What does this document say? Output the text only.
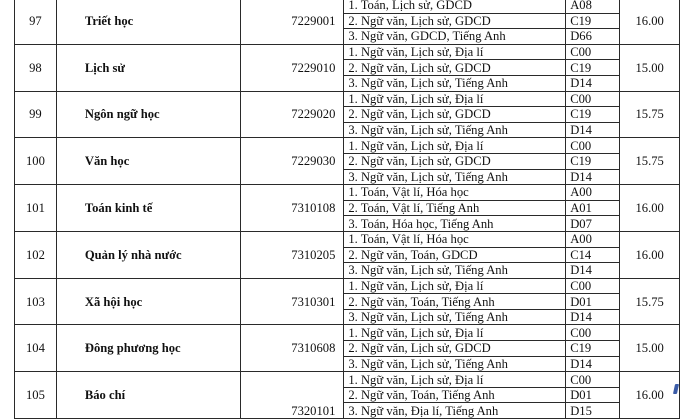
97	Triết học	7229001	1. Toán, Lịch sử, GDCD	A08	16.00
			2. Ngữ văn, Lịch sử, GDCD	C19	
			3. Ngữ văn, GDCD, Tiếng Anh	D66	
98	Lịch sử	7229010	1. Ngữ văn, Lịch sử, Địa lí	C00	15.00
			2. Ngữ văn, Lịch sử, GDCD	C19	
			3. Ngữ văn, Lịch sử, Tiếng Anh	D14	
99	Ngôn ngữ học	7229020	1. Ngữ văn, Lịch sử, Địa lí	C00	15.75
			2. Ngữ văn, Lịch sử, GDCD	C19	
			3. Ngữ văn, Lịch sử, Tiếng Anh	D14	
100	Văn học	7229030	1. Ngữ văn, Lịch sử, Địa lí	C00	15.75
			2. Ngữ văn, Lịch sử, GDCD	C19	
			3. Ngữ văn, Lịch sử, Tiếng Anh	D14	
101	Toán kinh tế	7310108	1. Toán, Vật lí, Hóa học	A00	16.00
			2. Toán, Vật lí, Tiếng Anh	A01	
			3. Toán, Hóa học, Tiếng Anh	D07	
102	Quản lý nhà nước	7310205	1. Toán, Vật lí, Hóa học	A00	16.00
			2. Ngữ văn, Toán, GDCD	C14	
			3. Ngữ văn, Lịch sử, Tiếng Anh	D14	
103	Xã hội học	7310301	1. Ngữ văn, Lịch sử, Địa lí	C00	15.75
			2. Ngữ văn, Toán, Tiếng Anh	D01	
			3. Ngữ văn, Lịch sử, Tiếng Anh	D14	
104	Đông phương học	7310608	1. Ngữ văn, Lịch sử, Địa lí	C00	15.00
			2. Ngữ văn, Lịch sử, GDCD	C19	
			3. Ngữ văn, Lịch sử, Tiếng Anh	D14	
105	Báo chí	7320101	1. Ngữ văn, Lịch sử, Địa lí	C00	16.00
			2. Ngữ văn, Toán, Tiếng Anh	D01	
			3. Ngữ văn, Địa lí, Tiếng Anh	D15	
